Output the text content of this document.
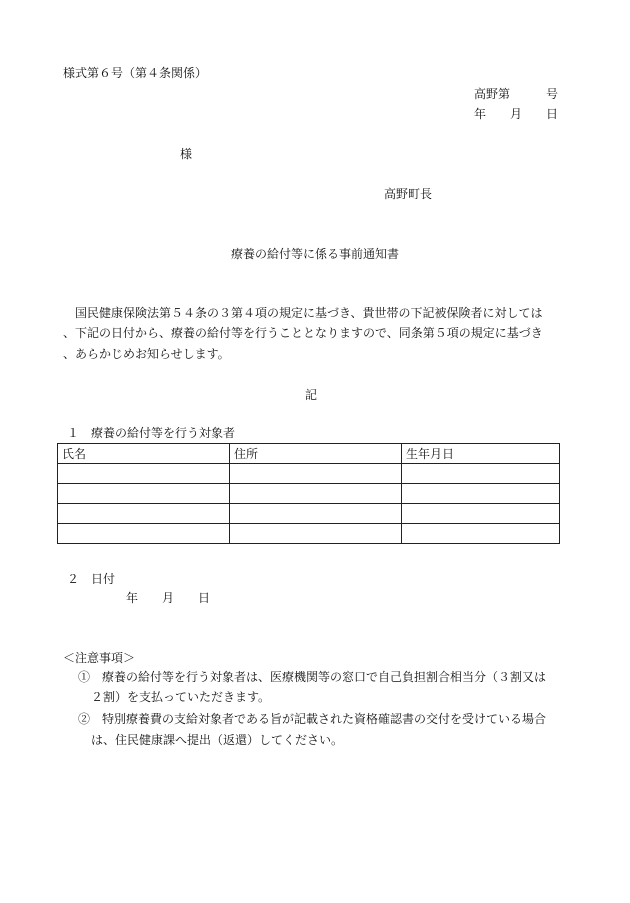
様式第６号（第４条関係）
高野第　　　号
年　　月　　日
様
高野町長
療養の給付等に係る事前通知書
　国民健康保険法第５４条の３第４項の規定に基づき、貴世帯の下記被保険者に対しては
、下記の日付から、療養の給付等を行うこととなりますので、同条第５項の規定に基づき
、あらかじめお知らせします。
記
１　療養の給付等を行う対象者
氏名	住所	生年月日

２　日付
年　　月　　日
＜注意事項＞
①　療養の給付等を行う対象者は、医療機関等の窓口で自己負担割合相当分（３割又は
２割）を支払っていただきます。
②　特別療養費の支給対象者である旨が記載された資格確認書の交付を受けている場合
は、住民健康課へ提出（返還）してください。
